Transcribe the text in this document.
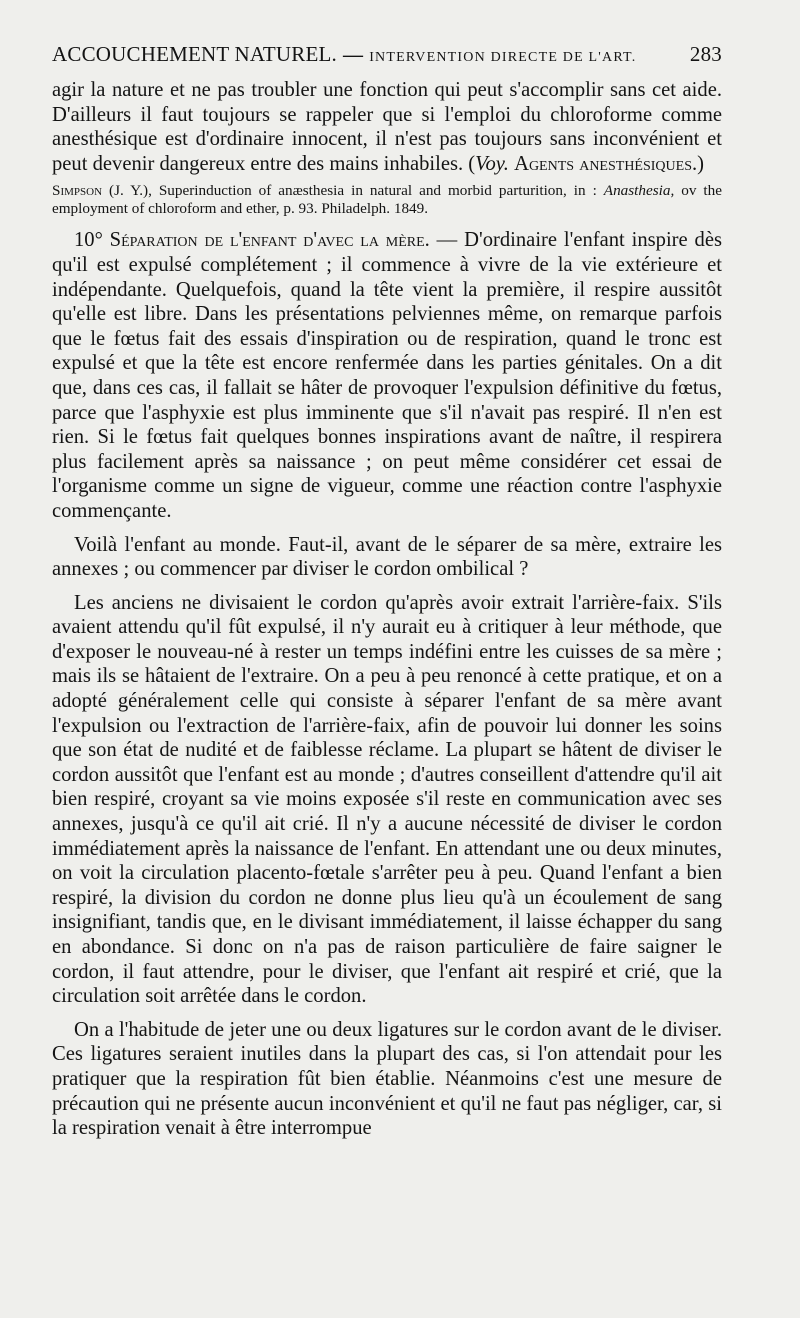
ACCOUCHEMENT NATUREL. — INTERVENTION DIRECTE DE L'ART.	283

agir la nature et ne pas troubler une fonction qui peut s'accomplir sans cet aide. D'ailleurs il faut toujours se rappeler que si l'emploi du chloroforme comme anesthésique est d'ordinaire innocent, il n'est pas toujours sans inconvénient et peut devenir dangereux entre des mains inhabiles. (Voy. Agents anesthésiques.)

Simpson (J. Y.), Superinduction of anæsthesia in natural and morbid parturition, in : Anasthesia, ov the employment of chloroform and ether, p. 93. Philadelph. 1849.

10° Séparation de l'enfant d'avec la mère. — D'ordinaire l'enfant inspire dès qu'il est expulsé complétement ; il commence à vivre de la vie extérieure et indépendante. Quelquefois, quand la tête vient la première, il respire aussitôt qu'elle est libre. Dans les présentations pelviennes même, on remarque parfois que le fœtus fait des essais d'inspiration ou de respiration, quand le tronc est expulsé et que la tête est encore renfermée dans les parties génitales. On a dit que, dans ces cas, il fallait se hâter de provoquer l'expulsion définitive du fœtus, parce que l'asphyxie est plus imminente que s'il n'avait pas respiré. Il n'en est rien. Si le fœtus fait quelques bonnes inspirations avant de naître, il respirera plus facilement après sa naissance ; on peut même considérer cet essai de l'organisme comme un signe de vigueur, comme une réaction contre l'asphyxie commençante.

Voilà l'enfant au monde. Faut-il, avant de le séparer de sa mère, extraire les annexes ; ou commencer par diviser le cordon ombilical ?

Les anciens ne divisaient le cordon qu'après avoir extrait l'arrière-faix. S'ils avaient attendu qu'il fût expulsé, il n'y aurait eu à critiquer à leur méthode, que d'exposer le nouveau-né à rester un temps indéfini entre les cuisses de sa mère ; mais ils se hâtaient de l'extraire. On a peu à peu renoncé à cette pratique, et on a adopté généralement celle qui consiste à séparer l'enfant de sa mère avant l'expulsion ou l'extraction de l'arrière-faix, afin de pouvoir lui donner les soins que son état de nudité et de faiblesse réclame. La plupart se hâtent de diviser le cordon aussitôt que l'enfant est au monde ; d'autres conseillent d'attendre qu'il ait bien respiré, croyant sa vie moins exposée s'il reste en communication avec ses annexes, jusqu'à ce qu'il ait crié. Il n'y a aucune nécessité de diviser le cordon immédiatement après la naissance de l'enfant. En attendant une ou deux minutes, on voit la circulation placento-fœtale s'arrêter peu à peu. Quand l'enfant a bien respiré, la division du cordon ne donne plus lieu qu'à un écoulement de sang insignifiant, tandis que, en le divisant immédiatement, il laisse échapper du sang en abondance. Si donc on n'a pas de raison particulière de faire saigner le cordon, il faut attendre, pour le diviser, que l'enfant ait respiré et crié, que la circulation soit arrêtée dans le cordon.

On a l'habitude de jeter une ou deux ligatures sur le cordon avant de le diviser. Ces ligatures seraient inutiles dans la plupart des cas, si l'on attendait pour les pratiquer que la respiration fût bien établie. Néanmoins c'est une mesure de précaution qui ne présente aucun inconvénient et qu'il ne faut pas négliger, car, si la respiration venait à être interrompue
